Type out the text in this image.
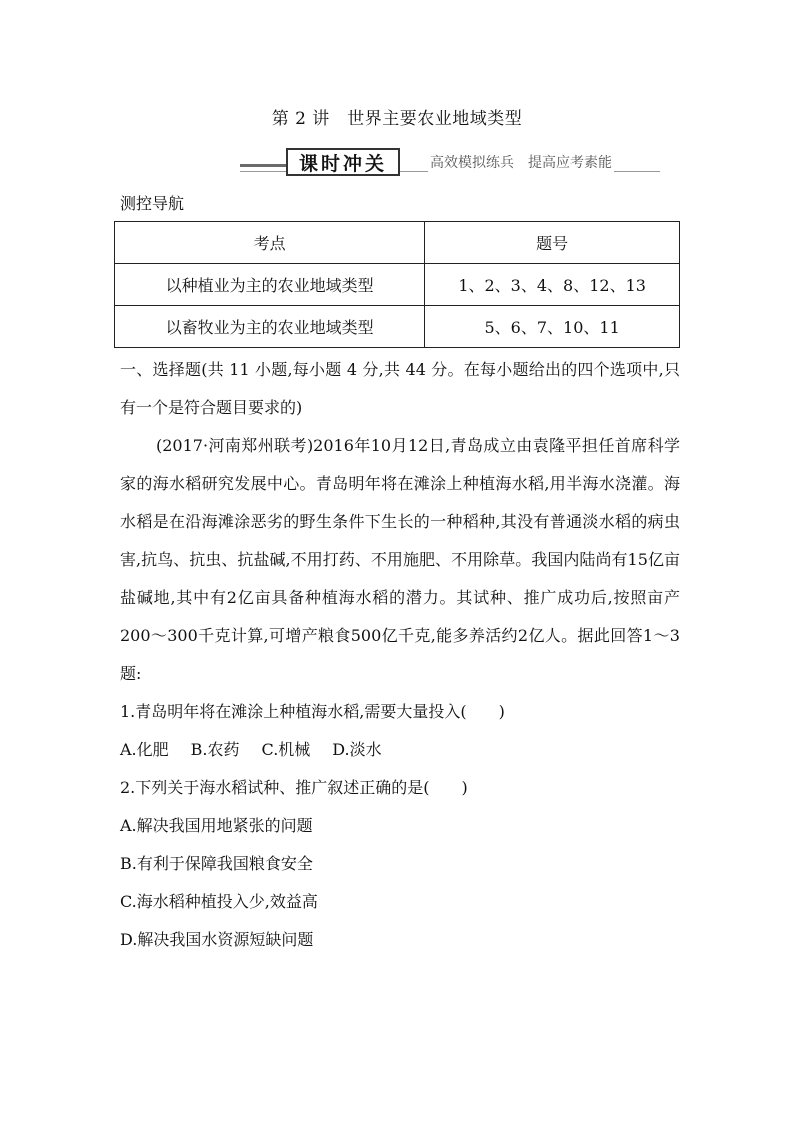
第 2 讲　世界主要农业地域类型
课时冲关	高效模拟练兵　提高应考素能
测控导航
考点	题号
以种植业为主的农业地域类型	1、2、3、4、8、12、13
以畜牧业为主的农业地域类型	5、6、7、10、11

一、选择题(共 11 小题,每小题 4 分,共 44 分。在每小题给出的四个选项中,只有一个是符合题目要求的)

(2017·河南郑州联考)2016年10月12日,青岛成立由袁隆平担任首席科学家的海水稻研究发展中心。青岛明年将在滩涂上种植海水稻,用半海水浇灌。海水稻是在沿海滩涂恶劣的野生条件下生长的一种稻种,其没有普通淡水稻的病虫害,抗鸟、抗虫、抗盐碱,不用打药、不用施肥、不用除草。我国内陆尚有15亿亩盐碱地,其中有2亿亩具备种植海水稻的潜力。其试种、推广成功后,按照亩产200～300千克计算,可增产粮食500亿千克,能多养活约2亿人。据此回答1～3题:

1.青岛明年将在滩涂上种植海水稻,需要大量投入(　　)

A.化肥 B.农药 C.机械 D.淡水

2.下列关于海水稻试种、推广叙述正确的是(　　)

A.解决我国用地紧张的问题

B.有利于保障我国粮食安全

C.海水稻种植投入少,效益高

D.解决我国水资源短缺问题
